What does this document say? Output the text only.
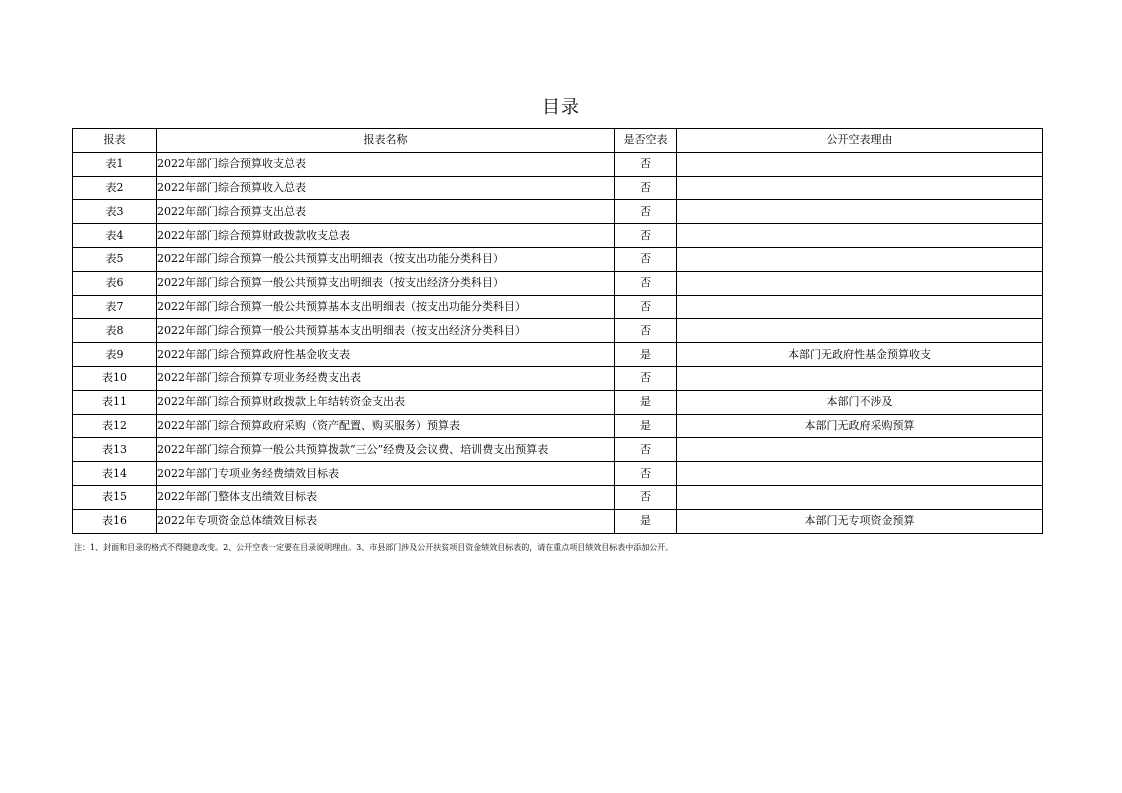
目录
报表	报表名称	是否空表	公开空表理由
表1	2022年部门综合预算收支总表	否	
表2	2022年部门综合预算收入总表	否	
表3	2022年部门综合预算支出总表	否	
表4	2022年部门综合预算财政拨款收支总表	否	
表5	2022年部门综合预算一般公共预算支出明细表（按支出功能分类科目）	否	
表6	2022年部门综合预算一般公共预算支出明细表（按支出经济分类科目）	否	
表7	2022年部门综合预算一般公共预算基本支出明细表（按支出功能分类科目）	否	
表8	2022年部门综合预算一般公共预算基本支出明细表（按支出经济分类科目）	否	
表9	2022年部门综合预算政府性基金收支表	是	本部门无政府性基金预算收支
表10	2022年部门综合预算专项业务经费支出表	否	
表11	2022年部门综合预算财政拨款上年结转资金支出表	是	本部门不涉及
表12	2022年部门综合预算政府采购（资产配置、购买服务）预算表	是	本部门无政府采购预算
表13	2022年部门综合预算一般公共预算拨款“三公”经费及会议费、培训费支出预算表	否	
表14	2022年部门专项业务经费绩效目标表	否	
表15	2022年部门整体支出绩效目标表	否	
表16	2022年专项资金总体绩效目标表	是	本部门无专项资金预算
注：1、封面和目录的格式不得随意改变。2、公开空表一定要在目录说明理由。3、市县部门涉及公开扶贫项目资金绩效目标表的，请在重点项目绩效目标表中添加公开。
